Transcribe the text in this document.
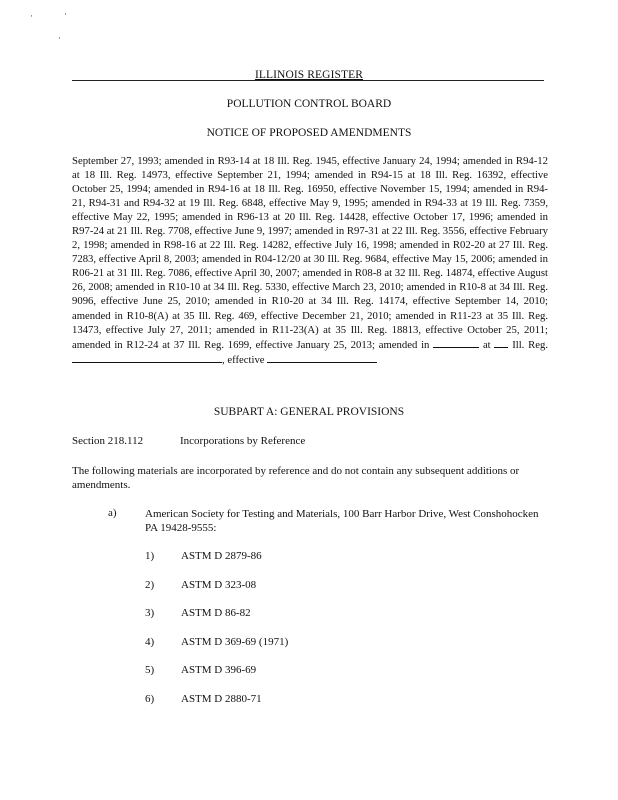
·	·
·
ILLINOIS REGISTER
POLLUTION CONTROL BOARD
NOTICE OF PROPOSED AMENDMENTS
September 27, 1993; amended in R93-14 at 18 Ill. Reg. 1945, effective January 24, 1994; amended in R94-12 at 18 Ill. Reg. 14973, effective September 21, 1994; amended in R94-15 at 18 Ill. Reg. 16392, effective October 25, 1994; amended in R94-16 at 18 Ill. Reg. 16950, effective November 15, 1994; amended in R94-21, R94-31 and R94-32 at 19 Ill. Reg. 6848, effective May 9, 1995; amended in R94-33 at 19 Ill. Reg. 7359, effective May 22, 1995; amended in R96-13 at 20 Ill. Reg. 14428, effective October 17, 1996; amended in R97-24 at 21 Ill. Reg. 7708, effective June 9, 1997; amended in R97-31 at 22 Ill. Reg. 3556, effective February 2, 1998; amended in R98-16 at 22 Ill. Reg. 14282, effective July 16, 1998; amended in R02-20 at 27 Ill. Reg. 7283, effective April 8, 2003; amended in R04-12/20 at 30 Ill. Reg. 9684, effective May 15, 2006; amended in R06-21 at 31 Ill. Reg. 7086, effective April 30, 2007; amended in R08-8 at 32 Ill. Reg. 14874, effective August 26, 2008; amended in R10-10 at 34 Ill. Reg. 5330, effective March 23, 2010; amended in R10-8 at 34 Ill. Reg. 9096, effective June 25, 2010; amended in R10-20 at 34 Ill. Reg. 14174, effective September 14, 2010; amended in R10-8(A) at 35 Ill. Reg. 469, effective December 21, 2010; amended in R11-23 at 35 Ill. Reg. 13473, effective July 27, 2011; amended in R11-23(A) at 35 Ill. Reg. 18813, effective October 25, 2011; amended in R12-24 at 37 Ill. Reg. 1699, effective January 25, 2013; amended in	at Ill. Reg. , effective
SUBPART A: GENERAL PROVISIONS
Section 218.112	Incorporations by Reference
The following materials are incorporated by reference and do not contain any subsequent additions or amendments.
a)	American Society for Testing and Materials, 100 Barr Harbor Drive, West Conshohocken PA 19428-9555:
1) ASTM D 2879-86
2) ASTM D 323-08
3) ASTM D 86-82
4) ASTM D 369-69 (1971)
5) ASTM D 396-69
6) ASTM D 2880-71
